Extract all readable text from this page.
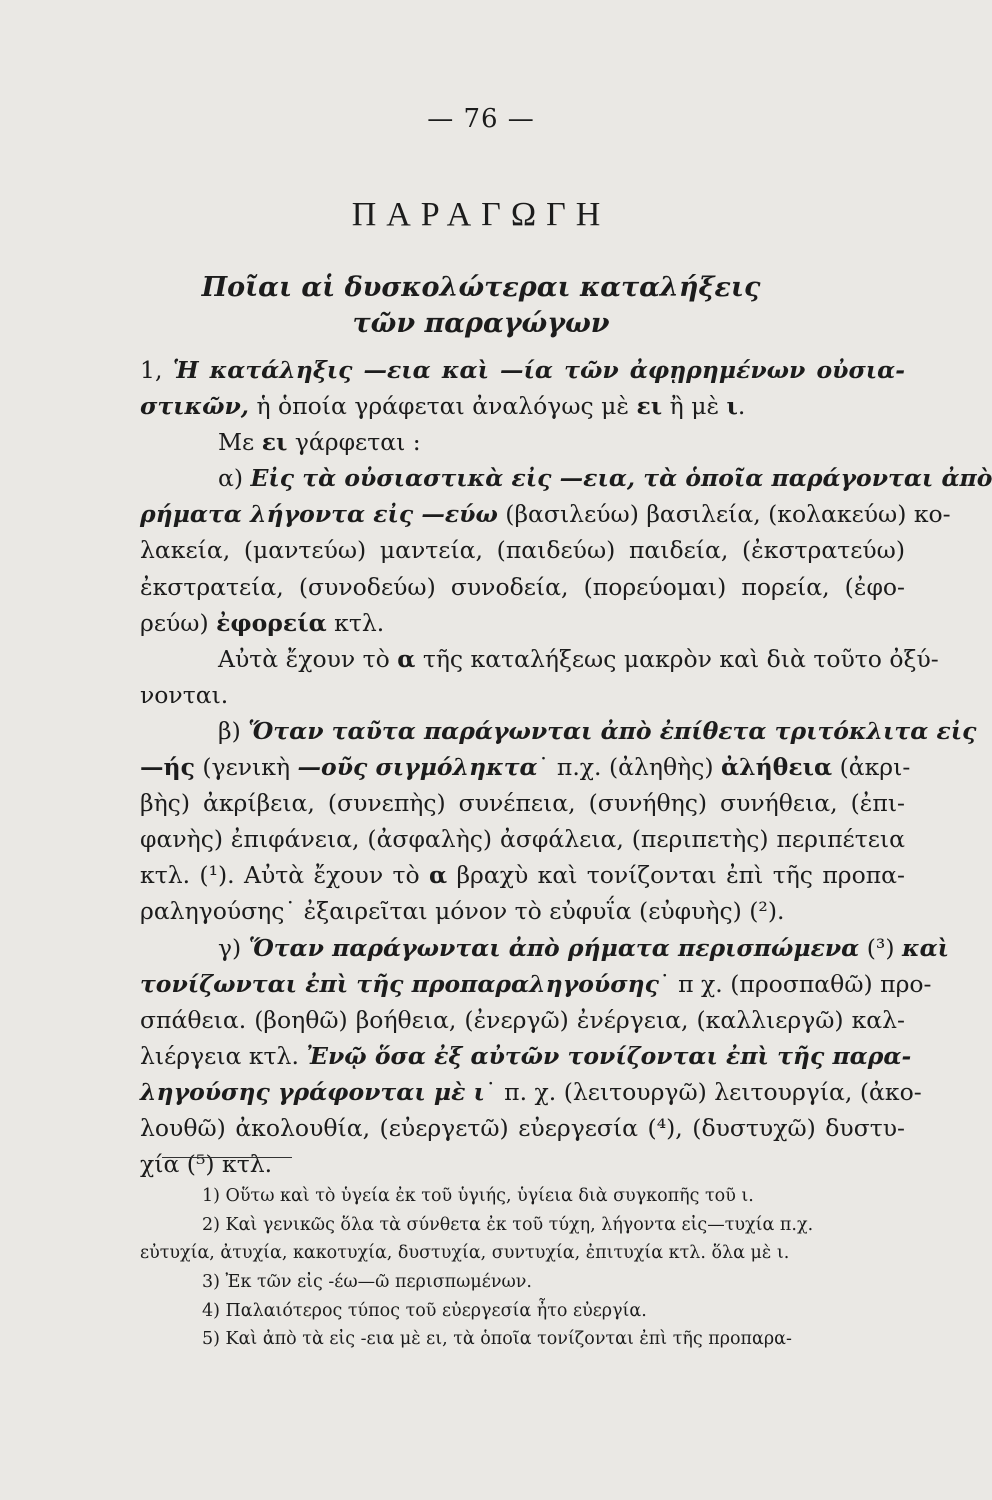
— 76 —
ΠΑΡΑΓΩΓΗ
Ποῖαι αἱ δυσκολώτεραι καταλήξεις
τῶν παραγώγων
1, Ἡ κατάληξις —εια καὶ —ία τῶν ἀφῃρημένων οὐσια-
στικῶν, ἡ ὁποία γράφεται ἀναλόγως μὲ ει ἢ μὲ ι.
Με ει γάρφεται :
α) Εἰς τὰ οὐσιαστικὰ εἰς —εια, τὰ ὁποῖα παράγονται ἀπὸ
ρήματα λήγοντα εἰς —εύω (βασιλεύω) βασιλεία, (κολακεύω) κο-
λακεία, (μαντεύω) μαντεία, (παιδεύω) παιδεία, (ἐκστρατεύω)
ἐκστρατεία, (συνοδεύω) συνοδεία, (πορεύομαι) πορεία, (ἐφο-
ρεύω) ἐφορεία κτλ.
Αὐτὰ ἔχουν τὸ α τῆς καταλήξεως μακρὸν καὶ διὰ τοῦτο ὀξύ-
νονται.
β) Ὅταν ταῦτα παράγωνται ἀπὸ ἐπίθετα τριτόκλιτα εἰς
—ής (γενικὴ —οῦς σιγμόληκτα˙ π.χ. (ἀληθὴς) ἀλήθεια (ἀκρι-
βὴς) ἀκρίβεια, (συνεπὴς) συνέπεια, (συνήθης) συνήθεια, (ἐπι-
φανὴς) ἐπιφάνεια, (ἀσφαλὴς) ἀσφάλεια, (περιπετὴς) περιπέτεια
κτλ. (¹). Αὐτὰ ἔχουν τὸ α βραχὺ καὶ τονίζονται ἐπὶ τῆς προπα-
ραληγούσης˙ ἐξαιρεῖται μόνον τὸ εὐφυΐα (εὐφυὴς) (²).
γ) Ὅταν παράγωνται ἀπὸ ρήματα περισπώμενα (³) καὶ
τονίζωνται ἐπὶ τῆς προπαραληγούσης˙ π χ. (προσπαθῶ) προ-
σπάθεια. (βοηθῶ) βοήθεια, (ἐνεργῶ) ἐνέργεια, (καλλιεργῶ) καλ-
λιέργεια κτλ. Ἐνῷ ὅσα ἐξ αὐτῶν τονίζονται ἐπὶ τῆς παρα-
ληγούσης γράφονται μὲ ι˙ π. χ. (λειτουργῶ) λειτουργία, (ἀκο-
λουθῶ) ἀκολουθία, (εὐεργετῶ) εὐεργεσία (⁴), (δυστυχῶ) δυστυ-
χία (⁵) κτλ.
1) Οὕτω καὶ τὸ ὑγεία ἐκ τοῦ ὑγιής, ὑγίεια διὰ συγκοπῆς τοῦ ι.
2) Καὶ γενικῶς ὅλα τὰ σύνθετα ἐκ τοῦ τύχη, λήγοντα εἰς—τυχία π.χ.
εὐτυχία, ἀτυχία, κακοτυχία, δυστυχία, συντυχία, ἐπιτυχία κτλ. ὅλα μὲ ι.
3) Ἐκ τῶν εἰς -έω—ῶ περισπωμένων.
4) Παλαιότερος τύπος τοῦ εὐεργεσία ἦτο εὐεργία.
5) Καὶ ἀπὸ τὰ εἰς -εια μὲ ει, τὰ ὁποῖα τονίζονται ἐπὶ τῆς προπαρα-
